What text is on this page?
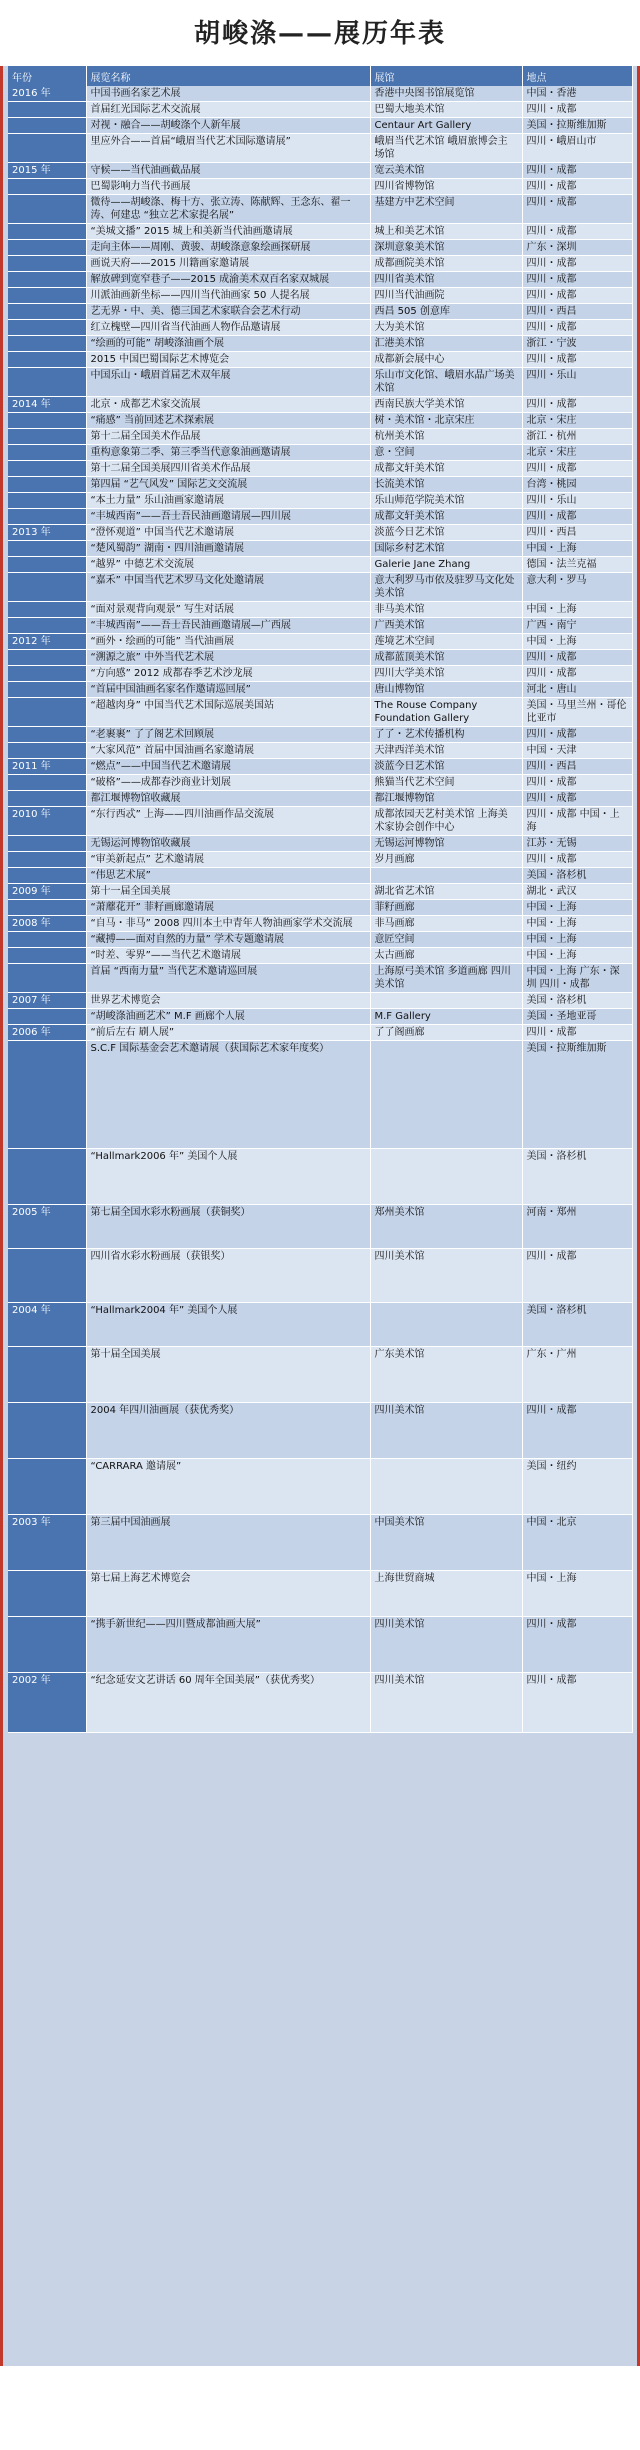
胡峻涤——展历年表
年份	展览名称	展馆	地点
2016 年	中国书画名家艺术展	香港中央图书馆展览馆	中国・香港
	首届红光国际艺术交流展	巴蜀大地美术馆	四川・成都
	对视・融合——胡峻涤个人新年展	Centaur Art Gallery	美国・拉斯维加斯
	里应外合——首届“峨眉当代艺术国际邀请展”	峨眉当代艺术馆 峨眉旅博会主场馆	四川・峨眉山市
2015 年	守候——当代油画截品展	宽云美术馆	四川・成都
	巴蜀影响力当代书画展	四川省博物馆	四川・成都
	微待——胡峻涤、梅十方、张立涛、陈献辉、王念东、翟一涛、何建忠 “独立艺术家提名展”	基建方中艺术空间	四川・成都
	“美城文播” 2015 城上和美新当代油画邀请展	城上和美艺术馆	四川・成都
	走向主体——周刚、黄骏、胡峻涤意象绘画探研展	深圳意象美术馆	广东・深圳
	画说天府——2015 川籍画家邀请展	成都画院美术馆	四川・成都
	解放碑到宽窄巷子——2015 成渝美术双百名家双城展	四川省美术馆	四川・成都
	川派油画新坐标——四川当代油画家 50 人提名展	四川当代油画院	四川・成都
	艺无界・中、美、德三国艺术家联合会艺术行动	西昌 505 创意库	四川・西昌
	红立槐壁—四川省当代油画人物作品邀请展	大为美术馆	四川・成都
	“绘画的可能” 胡峻涤油画个展	汇港美术馆	浙江・宁波
	2015 中国巴蜀国际艺术博览会	成都新会展中心	四川・成都
	中国乐山・峨眉首届艺术双年展	乐山市文化馆、峨眉水晶广场美术馆	四川・乐山
2014 年	北京・成都艺术家交流展	西南民族大学美术馆	四川・成都
	“痛感” 当前回述艺术探索展	树・美术馆・北京宋庄	北京・宋庄
	第十二届全国美术作品展	杭州美术馆	浙江・杭州
	重构意象第二季、第三季当代意象油画邀请展	意・空间	北京・宋庄
	第十二届全国美展四川省美术作品展	成都文轩美术馆	四川・成都
	第四届 “艺气风发” 国际艺文交流展	长流美术馆	台湾・桃园
	“本土力量” 乐山油画家邀请展	乐山师范学院美术馆	四川・乐山
	“丰城西南”——吾士吾民油画邀请展—四川展	成都文轩美术馆	四川・成都
2013 年	“澄怀观道” 中国当代艺术邀请展	淡蓝今日艺术馆	四川・西昌
	“楚风蜀韵” 湖南・四川油画邀请展	国际乡村艺术馆	中国・上海
	“越界” 中德艺术交流展	Galerie Jane Zhang	德国・法兰克福
	“嘉禾” 中国当代艺术罗马文化处邀请展	意大利罗马市依及驻罗马文化处美术馆	意大利・罗马
	“面对景观背向观景” 写生对话展	非马美术馆	中国・上海
	“丰城西南”——吾士吾民油画邀请展—广西展	广西美术馆	广西・南宁
2012 年	“画外・绘画的可能” 当代油画展	莲境艺术空间	中国・上海
	“溯源之旅” 中外当代艺术展	成都蓝顶美术馆	四川・成都
	“方向感” 2012 成都春季艺术沙龙展	四川大学美术馆	四川・成都
	“首届中国油画名家名作邀请巡回展”	唐山博物馆	河北・唐山
	“超越肉身” 中国当代艺术国际巡展美国站	The Rouse Company Foundation Gallery	美国・马里兰州・哥伦比亚市
	“老裹裹” 了了阁艺术回顾展	了了・艺术传播机构	四川・成都
	“大家风范” 首届中国油画名家邀请展	天津西洋美术馆	中国・天津
2011 年	“燃点”——中国当代艺术邀请展	淡蓝今日艺术馆	四川・西昌
	“破格”——成都春沙商业计划展	熊猫当代艺术空间	四川・成都
	都江堰博物馆收藏展	都江堰博物馆	四川・成都
2010 年	“东行西忒” 上海——四川油画作品交流展	成都浓园天艺村美术馆 上海美术家协会创作中心	四川・成都 中国・上海
	无锡运河博物馆收藏展	无锡运河博物馆	江苏・无锡
	“审美新起点” 艺术邀请展	岁月画廊	四川・成都
	“伟思艺术展”		美国・洛杉机
2009 年	第十一届全国美展	湖北省艺术馆	湖北・武汉
	“萧蘼花开” 菲籽画廊邀请展	菲籽画廊	中国・上海
2008 年	“自马・非马” 2008 四川本土中青年人物油画家学术交流展	非马画廊	中国・上海
	“藏搏——面对自然的力量” 学术专题邀请展	意匠空间	中国・上海
	“时差、零界”——当代艺术邀请展	太古画廊	中国・上海
	首届 “西南力量” 当代艺术邀请巡回展	上海原弓美术馆 多道画廊 四川美术馆	中国・上海 广东・深圳 四川・成都
2007 年	世界艺术博览会		美国・洛杉机
	“胡峻涤油画艺术” M.F 画廊个人展	M.F Gallery	美国・圣地亚哥
2006 年	“前后左右 刷人展”	了了阁画廊	四川・成都
	S.C.F 国际基金会艺术邀请展（获国际艺术家年度奖）		美国・拉斯维加斯
	“Hallmark2006 年” 美国个人展		美国・洛杉机
2005 年	第七届全国水彩水粉画展（获铜奖）	郑州美术馆	河南・郑州
	四川省水彩水粉画展（获银奖）	四川美术馆	四川・成都
2004 年	“Hallmark2004 年” 美国个人展		美国・洛杉机
	第十届全国美展	广东美术馆	广东・广州
	2004 年四川油画展（获优秀奖）	四川美术馆	四川・成都
	“CARRARA 邀请展”		美国・纽约
2003 年	第三届中国油画展	中国美术馆	中国・北京
	第七届上海艺术博览会	上海世贸商城	中国・上海
	“携手新世纪——四川暨成都油画大展”	四川美术馆	四川・成都
2002 年	“纪念延安文艺讲话 60 周年全国美展”（获优秀奖）	四川美术馆	四川・成都
